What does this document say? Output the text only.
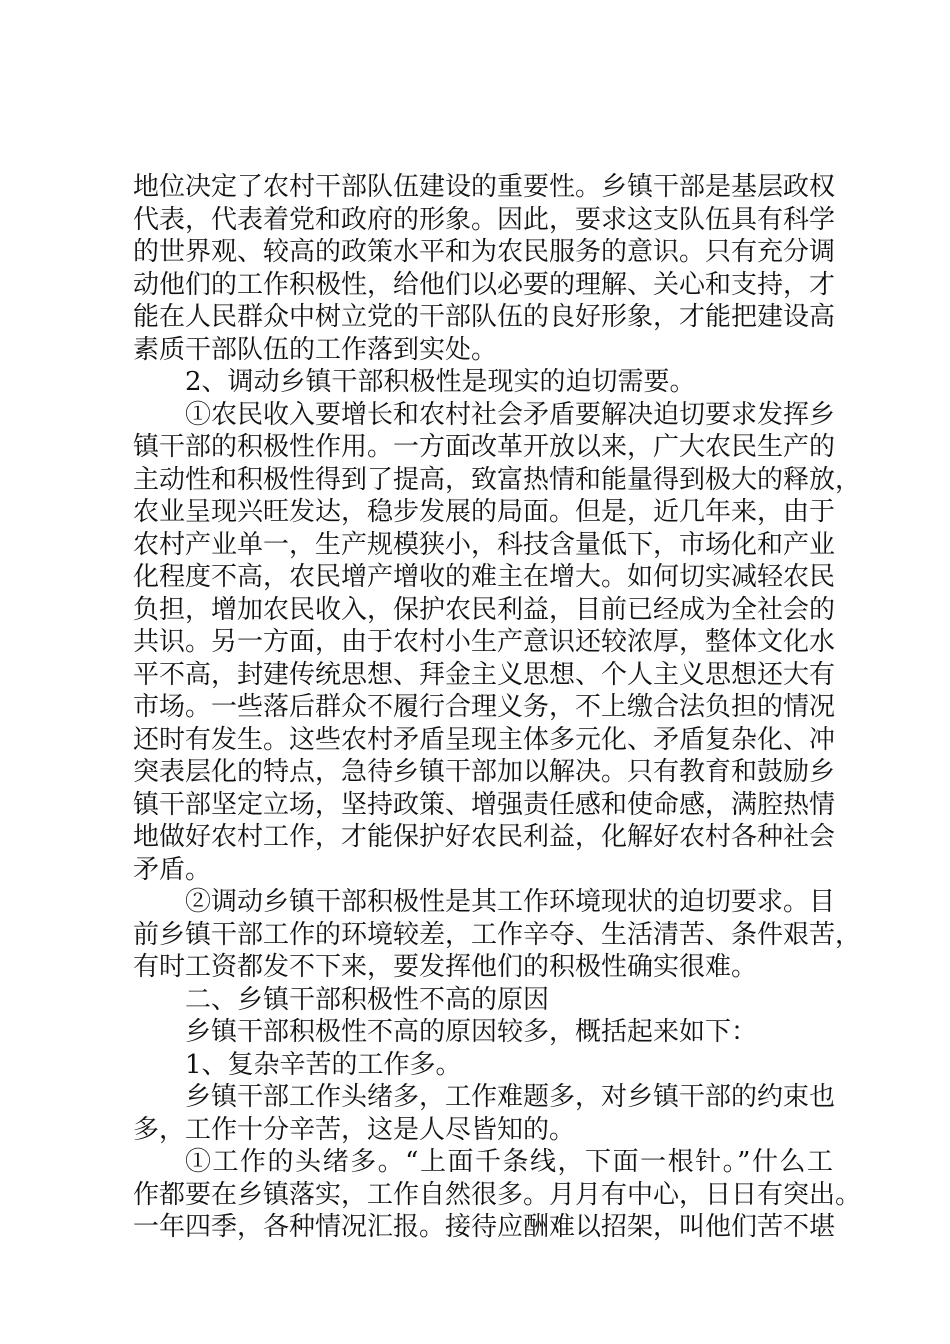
地位决定了农村干部队伍建设的重要性。乡镇干部是基层政权
代表，代表着党和政府的形象。因此，要求这支队伍具有科学
的世界观、较高的政策水平和为农民服务的意识。只有充分调
动他们的工作积极性，给他们以必要的理解、关心和支持，才
能在人民群众中树立党的干部队伍的良好形象，才能把建设高
素质干部队伍的工作落到实处。
2、调动乡镇干部积极性是现实的迫切需要。
①农民收入要增长和农村社会矛盾要解决迫切要求发挥乡
镇干部的积极性作用。一方面改革开放以来，广大农民生产的
主动性和积极性得到了提高，致富热情和能量得到极大的释放，
农业呈现兴旺发达，稳步发展的局面。但是，近几年来，由于
农村产业单一，生产规模狭小，科技含量低下，市场化和产业
化程度不高，农民增产增收的难主在增大。如何切实减轻农民
负担，增加农民收入，保护农民利益，目前已经成为全社会的
共识。另一方面，由于农村小生产意识还较浓厚，整体文化水
平不高，封建传统思想、拜金主义思想、个人主义思想还大有
市场。一些落后群众不履行合理义务，不上缴合法负担的情况
还时有发生。这些农村矛盾呈现主体多元化、矛盾复杂化、冲
突表层化的特点，急待乡镇干部加以解决。只有教育和鼓励乡
镇干部坚定立场，坚持政策、增强责任感和使命感，满腔热情
地做好农村工作，才能保护好农民利益，化解好农村各种社会
矛盾。
②调动乡镇干部积极性是其工作环境现状的迫切要求。目
前乡镇干部工作的环境较差，工作辛夺、生活清苦、条件艰苦，
有时工资都发不下来，要发挥他们的积极性确实很难。
二、乡镇干部积极性不高的原因
乡镇干部积极性不高的原因较多，概括起来如下：
1、复杂辛苦的工作多。
乡镇干部工作头绪多，工作难题多，对乡镇干部的约束也
多，工作十分辛苦，这是人尽皆知的。
①工作的头绪多。“上面千条线，下面一根针。”什么工
作都要在乡镇落实，工作自然很多。月月有中心，日日有突出。
一年四季，各种情况汇报。接待应酬难以招架，叫他们苦不堪
